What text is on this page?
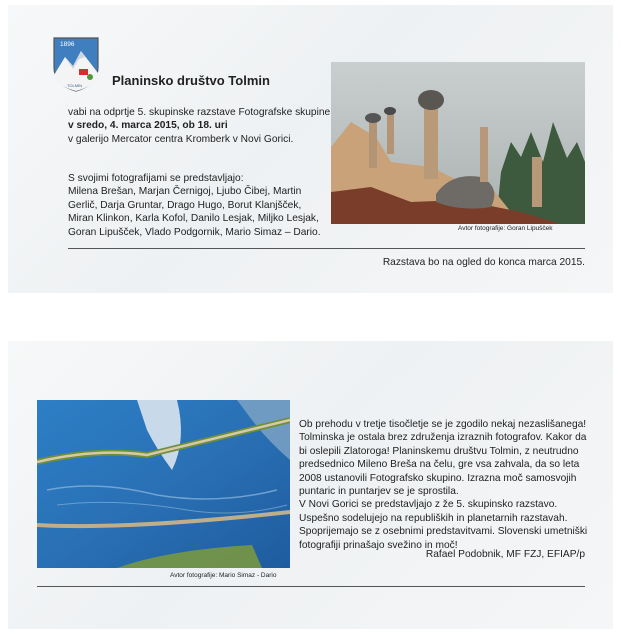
1896
TOLMIN Planinsko društvo Tolmin
vabi na odprtje 5. skupinske razstave Fotografske skupine
v sredo, 4. marca 2015, ob 18. uri
v galerijo Mercator centra Kromberk v Novi Gorici.
S svojimi fotografijami se predstavljajo:
Milena Brešan, Marjan Černigoj, Ljubo Čibej, Martin Gerlič, Darja Gruntar, Drago Hugo, Borut Klanjšček, Miran Klinkon, Karla Kofol, Danilo Lesjak, Miljko Lesjak, Goran Lipušček, Vlado Podgornik, Mario Simaz – Dario.	Avtor fotografije: Goran Lipušček
Razstava bo na ogled do konca marca 2015.
Avtor fotografije: Mario Simaz - Dario
Ob prehodu v tretje tisočletje se je zgodilo nekaj nezaslišanega! Tolminska je ostala brez združenja izraznih fotografov. Kakor da bi oslepili Zlatoroga! Planinskemu društvu Tolmin, z neutrudno predsednico Mileno Breša na čelu, gre vsa zahvala, da so leta 2008 ustanovili Fotografsko skupino. Izrazna moč samosvojih puntaric in puntarjev se je sprostila.
V Novi Gorici se predstavljajo z že 5. skupinsko razstavo. Uspešno sodelujejo na republiških in planetarnih razstavah. Spoprijemajo se z osebnimi predstavitvami. Slovenski umetniški fotografiji prinašajo svežino in moč!
Rafael Podobnik, MF FZJ, EFIAP/p
